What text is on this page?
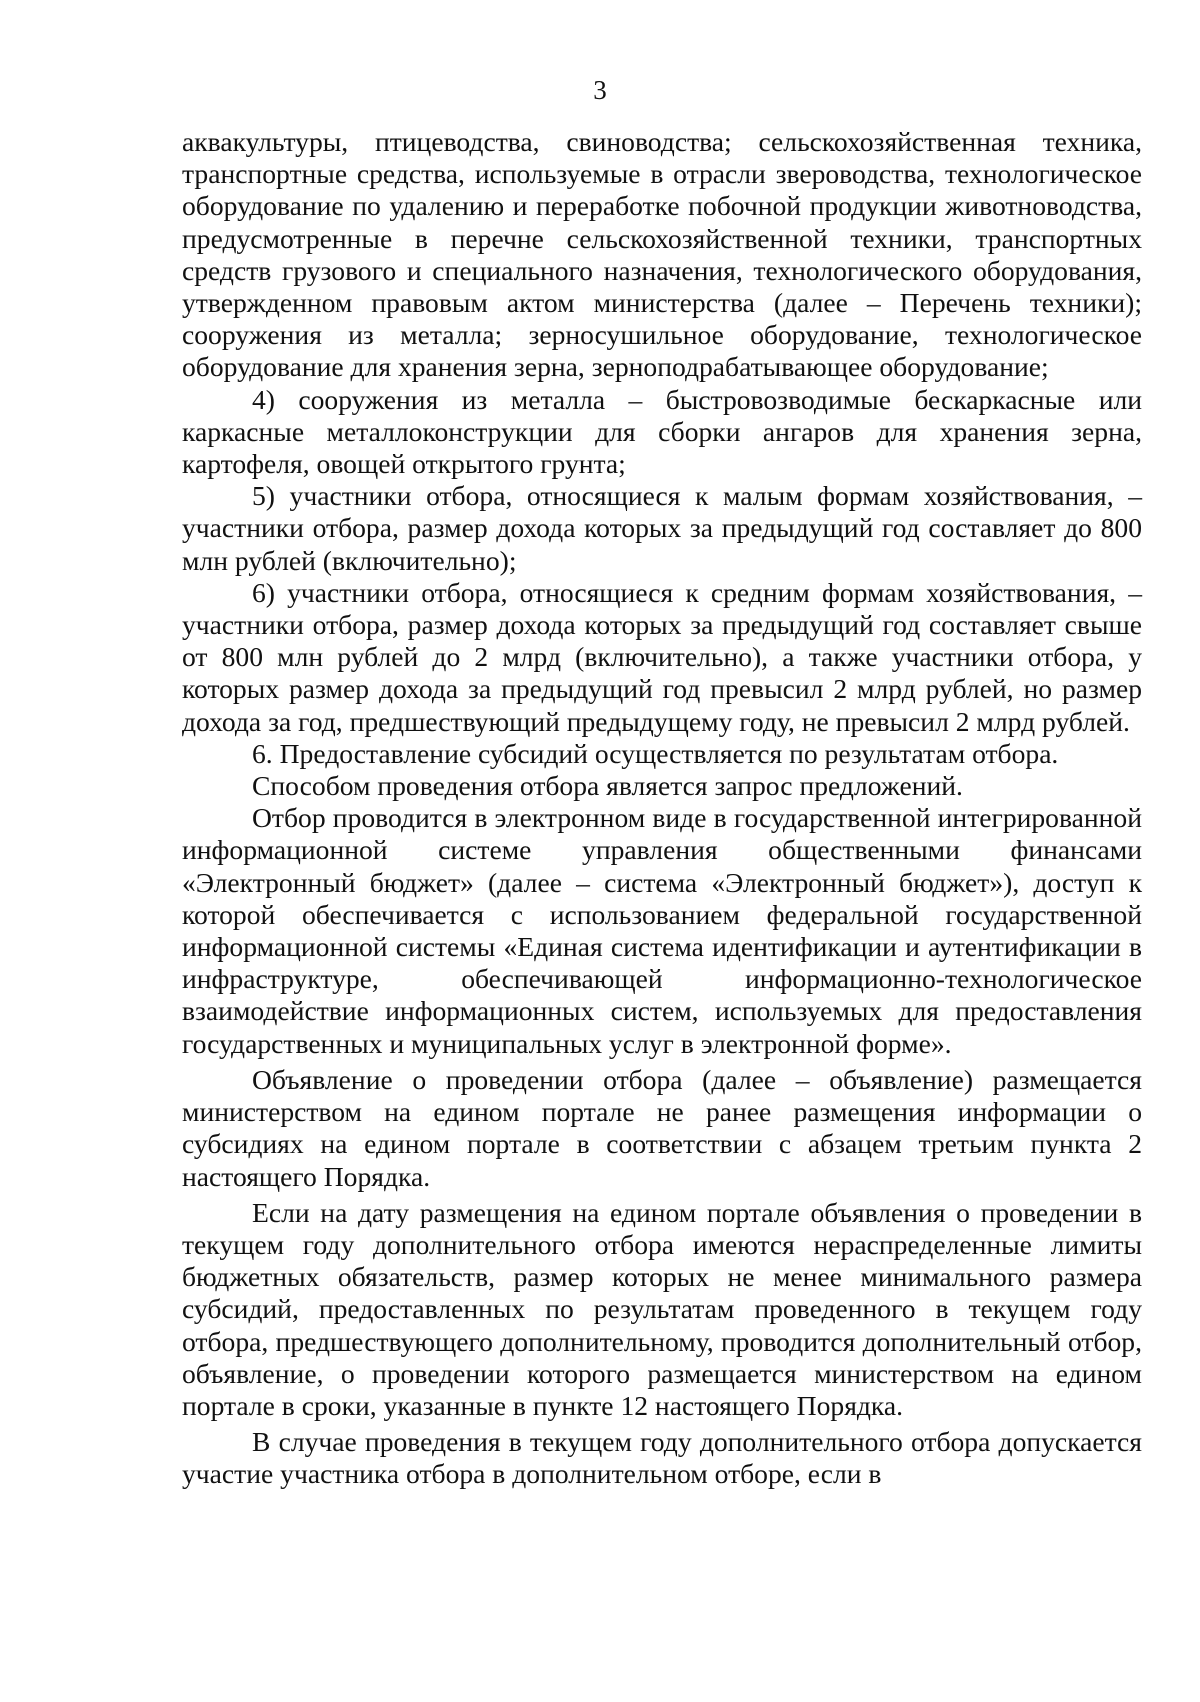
3

аквакультуры, птицеводства, свиноводства; сельскохозяйственная техника, транспортные средства, используемые в отрасли звероводства, технологическое оборудование по удалению и переработке побочной продукции животноводства, предусмотренные в перечне сельскохозяйственной техники, транспортных средств грузового и специального назначения, технологического оборудования, утвержденном правовым актом министерства (далее – Перечень техники); сооружения из металла; зерносушильное оборудование, технологическое оборудование для хранения зерна, зерноподрабатывающее оборудование;

4) сооружения из металла – быстровозводимые бескаркасные или каркасные металлоконструкции для сборки ангаров для хранения зерна, картофеля, овощей открытого грунта;

5) участники отбора, относящиеся к малым формам хозяйствования, – участники отбора, размер дохода которых за предыдущий год составляет до 800 млн рублей (включительно);

6) участники отбора, относящиеся к средним формам хозяйствования, – участники отбора, размер дохода которых за предыдущий год составляет свыше от 800 млн рублей до 2 млрд (включительно), а также участники отбора, у которых размер дохода за предыдущий год превысил 2 млрд рублей, но размер дохода за год, предшествующий предыдущему году, не превысил 2 млрд рублей.

6. Предоставление субсидий осуществляется по результатам отбора.

Способом проведения отбора является запрос предложений.

Отбор проводится в электронном виде в государственной интегрированной информационной системе управления общественными финансами «Электронный бюджет» (далее – система «Электронный бюджет»), доступ к которой обеспечивается с использованием федеральной государственной информационной системы «Единая система идентификации и аутентификации в инфраструктуре, обеспечивающей информационно-технологическое взаимодействие информационных систем, используемых для предоставления государственных и муниципальных услуг в электронной форме».

Объявление о проведении отбора (далее – объявление) размещается министерством на едином портале не ранее размещения информации о субсидиях на едином портале в соответствии с абзацем третьим пункта 2 настоящего Порядка.

Если на дату размещения на едином портале объявления о проведении в текущем году дополнительного отбора имеются нераспределенные лимиты бюджетных обязательств, размер которых не менее минимального размера субсидий, предоставленных по результатам проведенного в текущем году отбора, предшествующего дополнительному, проводится дополнительный отбор, объявление, о проведении которого размещается министерством на едином портале в сроки, указанные в пункте 12 настоящего Порядка.

В случае проведения в текущем году дополнительного отбора допускается участие участника отбора в дополнительном отборе, если в
